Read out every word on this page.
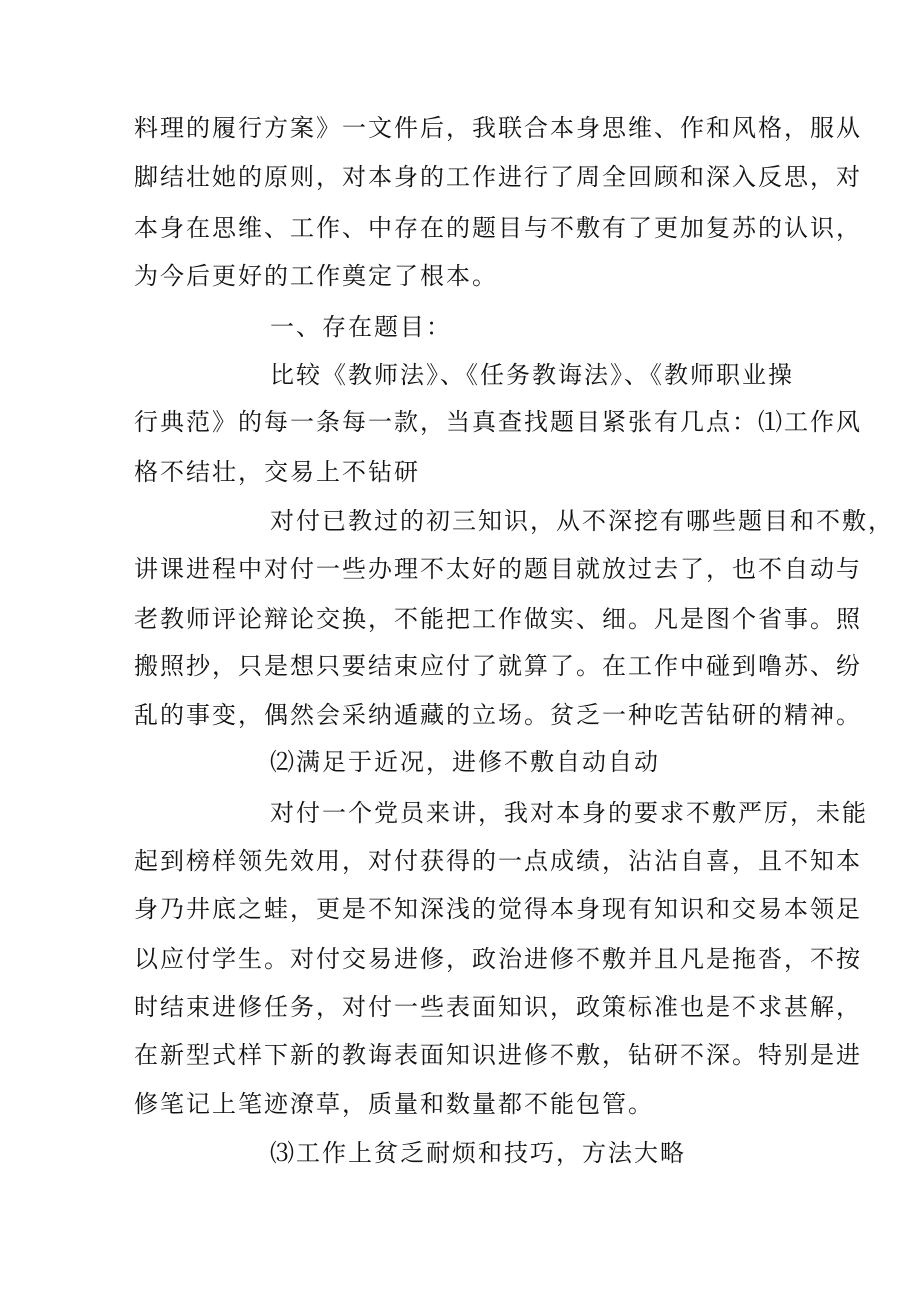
料理的履行方案》一文件后，我联合本身思维、作和风格，服从
脚结壮她的原则，对本身的工作进行了周全回顾和深入反思，对
本身在思维、工作、中存在的题目与不敷有了更加复苏的认识，
为今后更好的工作奠定了根本。
一、存在题目：
比较《教师法》、《任务教诲法》、《教师职业操
行典范》的每一条每一款，当真查找题目紧张有几点：⑴工作风
格不结壮，交易上不钻研
对付已教过的初三知识，从不深挖有哪些题目和不敷，
讲课进程中对付一些办理不太好的题目就放过去了，也不自动与
老教师评论辩论交换，不能把工作做实、细。凡是图个省事。照
搬照抄，只是想只要结束应付了就算了。在工作中碰到噜苏、纷
乱的事变，偶然会采纳遁藏的立场。贫乏一种吃苦钻研的精神。
⑵满足于近况，进修不敷自动自动
对付一个党员来讲，我对本身的要求不敷严厉，未能
起到榜样领先效用，对付获得的一点成绩，沾沾自喜，且不知本
身乃井底之蛙，更是不知深浅的觉得本身现有知识和交易本领足
以应付学生。对付交易进修，政治进修不敷并且凡是拖沓，不按
时结束进修任务，对付一些表面知识，政策标准也是不求甚解，
在新型式样下新的教诲表面知识进修不敷，钻研不深。特别是进
修笔记上笔迹潦草，质量和数量都不能包管。
⑶工作上贫乏耐烦和技巧，方法大略
